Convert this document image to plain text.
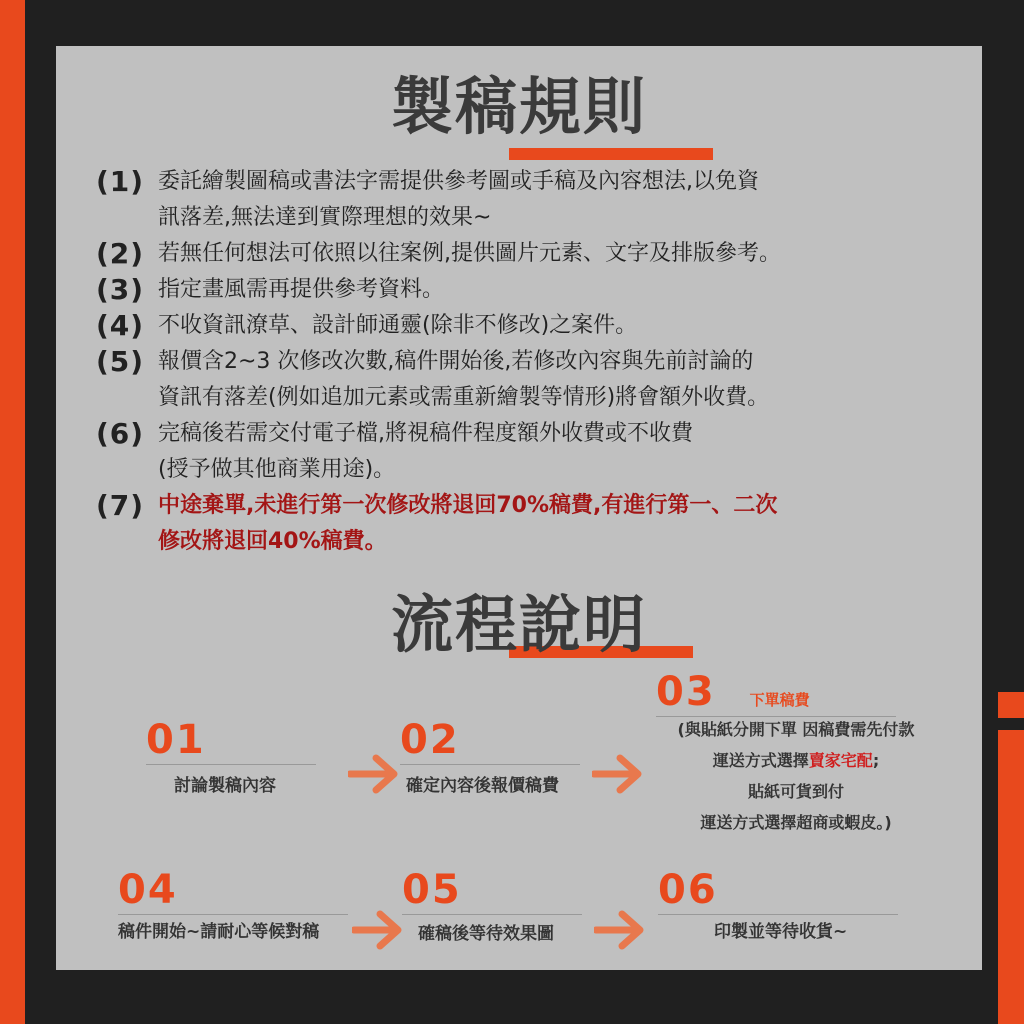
製稿規則
(1) 委託繪製圖稿或書法字需提供參考圖或手稿及內容想法,以免資
訊落差,無法達到實際理想的效果~
(2) 若無任何想法可依照以往案例,提供圖片元素、文字及排版參考。
(3) 指定畫風需再提供參考資料。
(4) 不收資訊潦草、設計師通靈(除非不修改)之案件。
(5) 報價含2~3 次修改次數,稿件開始後,若修改內容與先前討論的
資訊有落差(例如追加元素或需重新繪製等情形)將會額外收費。
(6) 完稿後若需交付電子檔,將視稿件程度額外收費或不收費
(授予做其他商業用途)。
(7) 中途棄單,未進行第一次修改將退回70%稿費,有進行第一、二次
修改將退回40%稿費。
流程說明
01
討論製稿內容
02
確定內容後報價稿費
03 下單稿費
(與貼紙分開下單 因稿費需先付款
運送方式選擇賣家宅配;
貼紙可貨到付
運送方式選擇超商或蝦皮。)
04
稿件開始~請耐心等候對稿
05
確稿後等待效果圖
06
印製並等待收貨~
